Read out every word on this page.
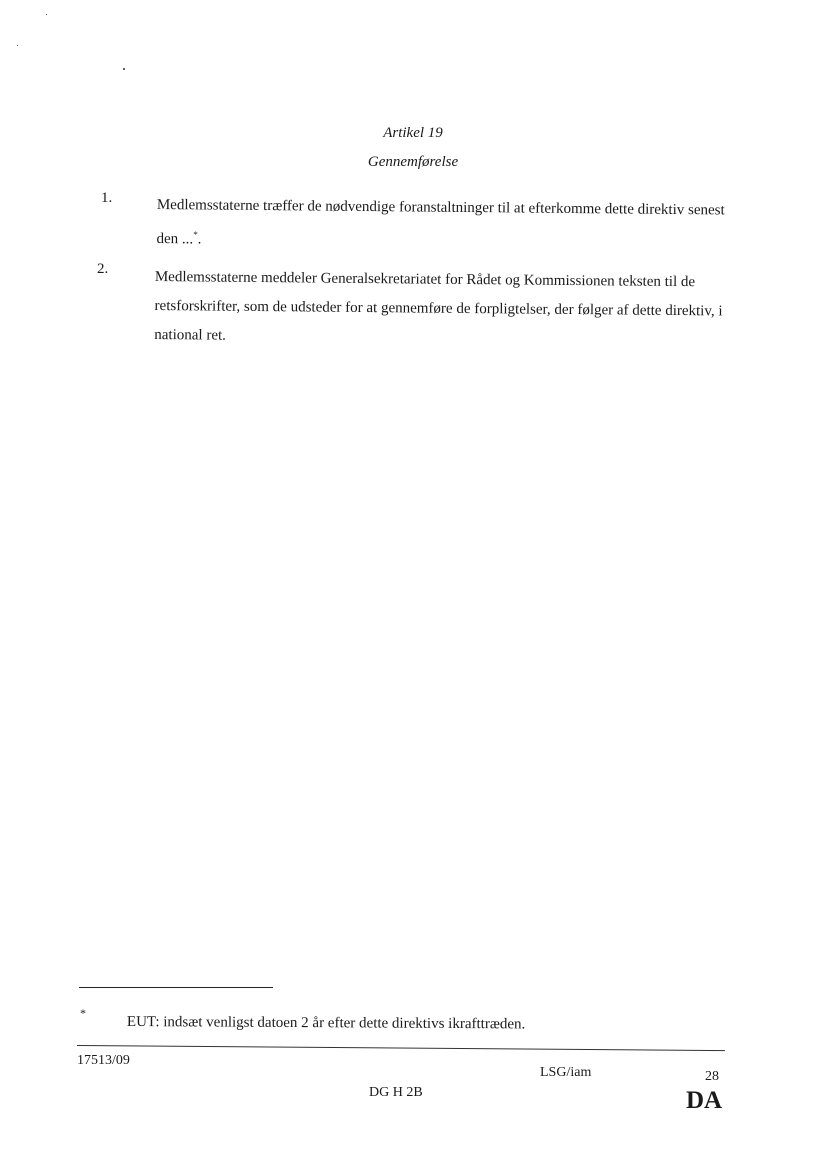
Artikel 19
Gennemførelse
1.	Medlemsstaterne træffer de nødvendige foranstaltninger til at efterkomme dette direktiv senest den ...*.
2.	Medlemsstaterne meddeler Generalsekretariatet for Rådet og Kommissionen teksten til de retsforskrifter, som de udsteder for at gennemføre de forpligtelser, der følger af dette direktiv, i national ret.
*
EUT: indsæt venligst datoen 2 år efter dette direktivs ikrafttræden.
17513/09
LSG/iam	28
DG H 2B	DA
